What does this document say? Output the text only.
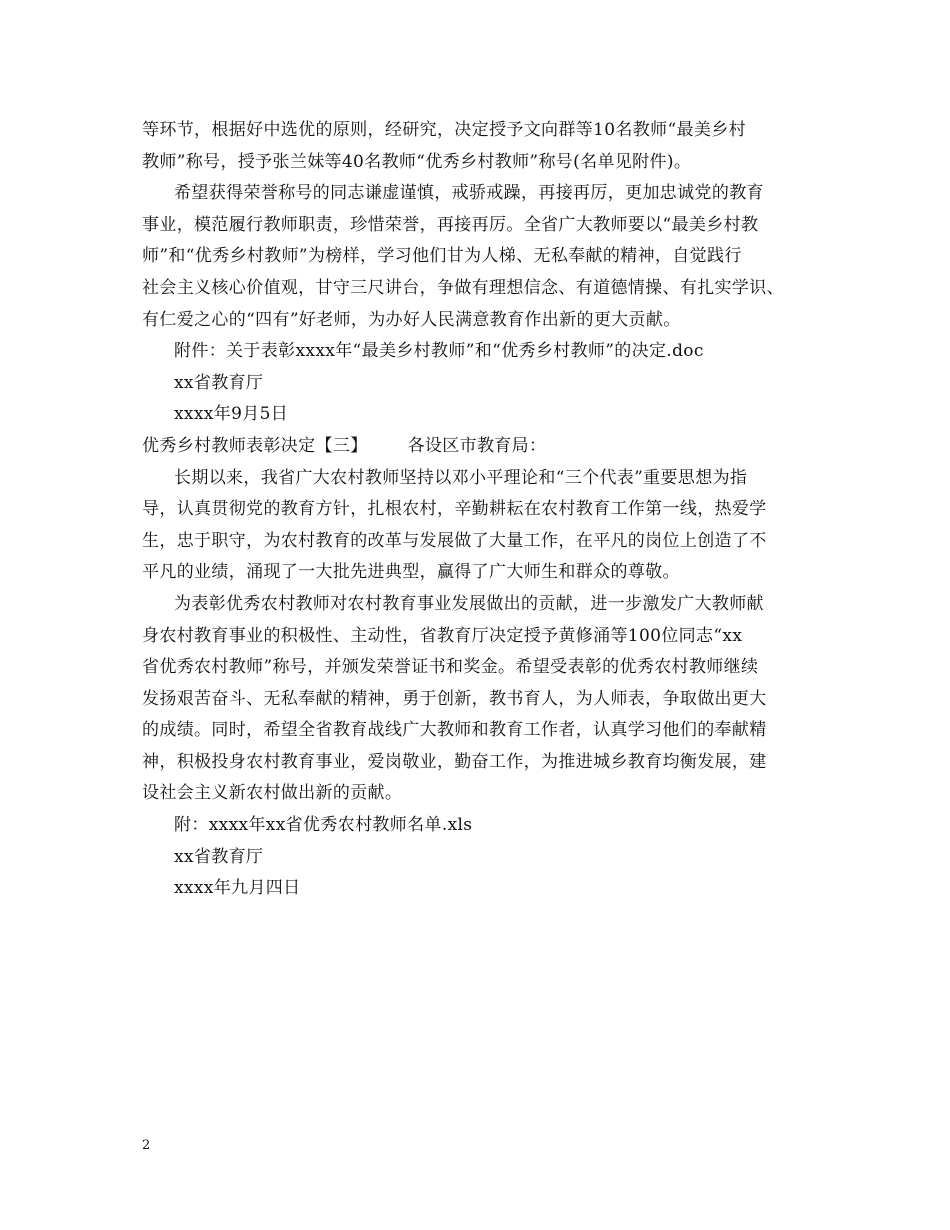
等环节，根据好中选优的原则，经研究，决定授予文向群等10名教师“最美乡村
教师”称号，授予张兰妹等40名教师“优秀乡村教师”称号(名单见附件)。
希望获得荣誉称号的同志谦虚谨慎，戒骄戒躁，再接再厉，更加忠诚党的教育
事业，模范履行教师职责，珍惜荣誉，再接再厉。全省广大教师要以“最美乡村教
师”和“优秀乡村教师”为榜样，学习他们甘为人梯、无私奉献的精神，自觉践行
社会主义核心价值观，甘守三尺讲台，争做有理想信念、有道德情操、有扎实学识、
有仁爱之心的“四有”好老师，为办好人民满意教育作出新的更大贡献。
附件：关于表彰xxxx年“最美乡村教师”和“优秀乡村教师”的决定.doc
xx省教育厅
xxxx年9月5日
优秀乡村教师表彰决定【三】 各设区市教育局：
长期以来，我省广大农村教师坚持以邓小平理论和“三个代表”重要思想为指
导，认真贯彻党的教育方针，扎根农村，辛勤耕耘在农村教育工作第一线，热爱学
生，忠于职守，为农村教育的改革与发展做了大量工作，在平凡的岗位上创造了不
平凡的业绩，涌现了一大批先进典型，赢得了广大师生和群众的尊敬。
为表彰优秀农村教师对农村教育事业发展做出的贡献，进一步激发广大教师献
身农村教育事业的积极性、主动性，省教育厅决定授予黄修涌等100位同志“xx
省优秀农村教师”称号，并颁发荣誉证书和奖金。希望受表彰的优秀农村教师继续
发扬艰苦奋斗、无私奉献的精神，勇于创新，教书育人，为人师表，争取做出更大
的成绩。同时，希望全省教育战线广大教师和教育工作者，认真学习他们的奉献精
神，积极投身农村教育事业，爱岗敬业，勤奋工作，为推进城乡教育均衡发展，建
设社会主义新农村做出新的贡献。
附：xxxx年xx省优秀农村教师名单.xls
xx省教育厅
xxxx年九月四日
2
